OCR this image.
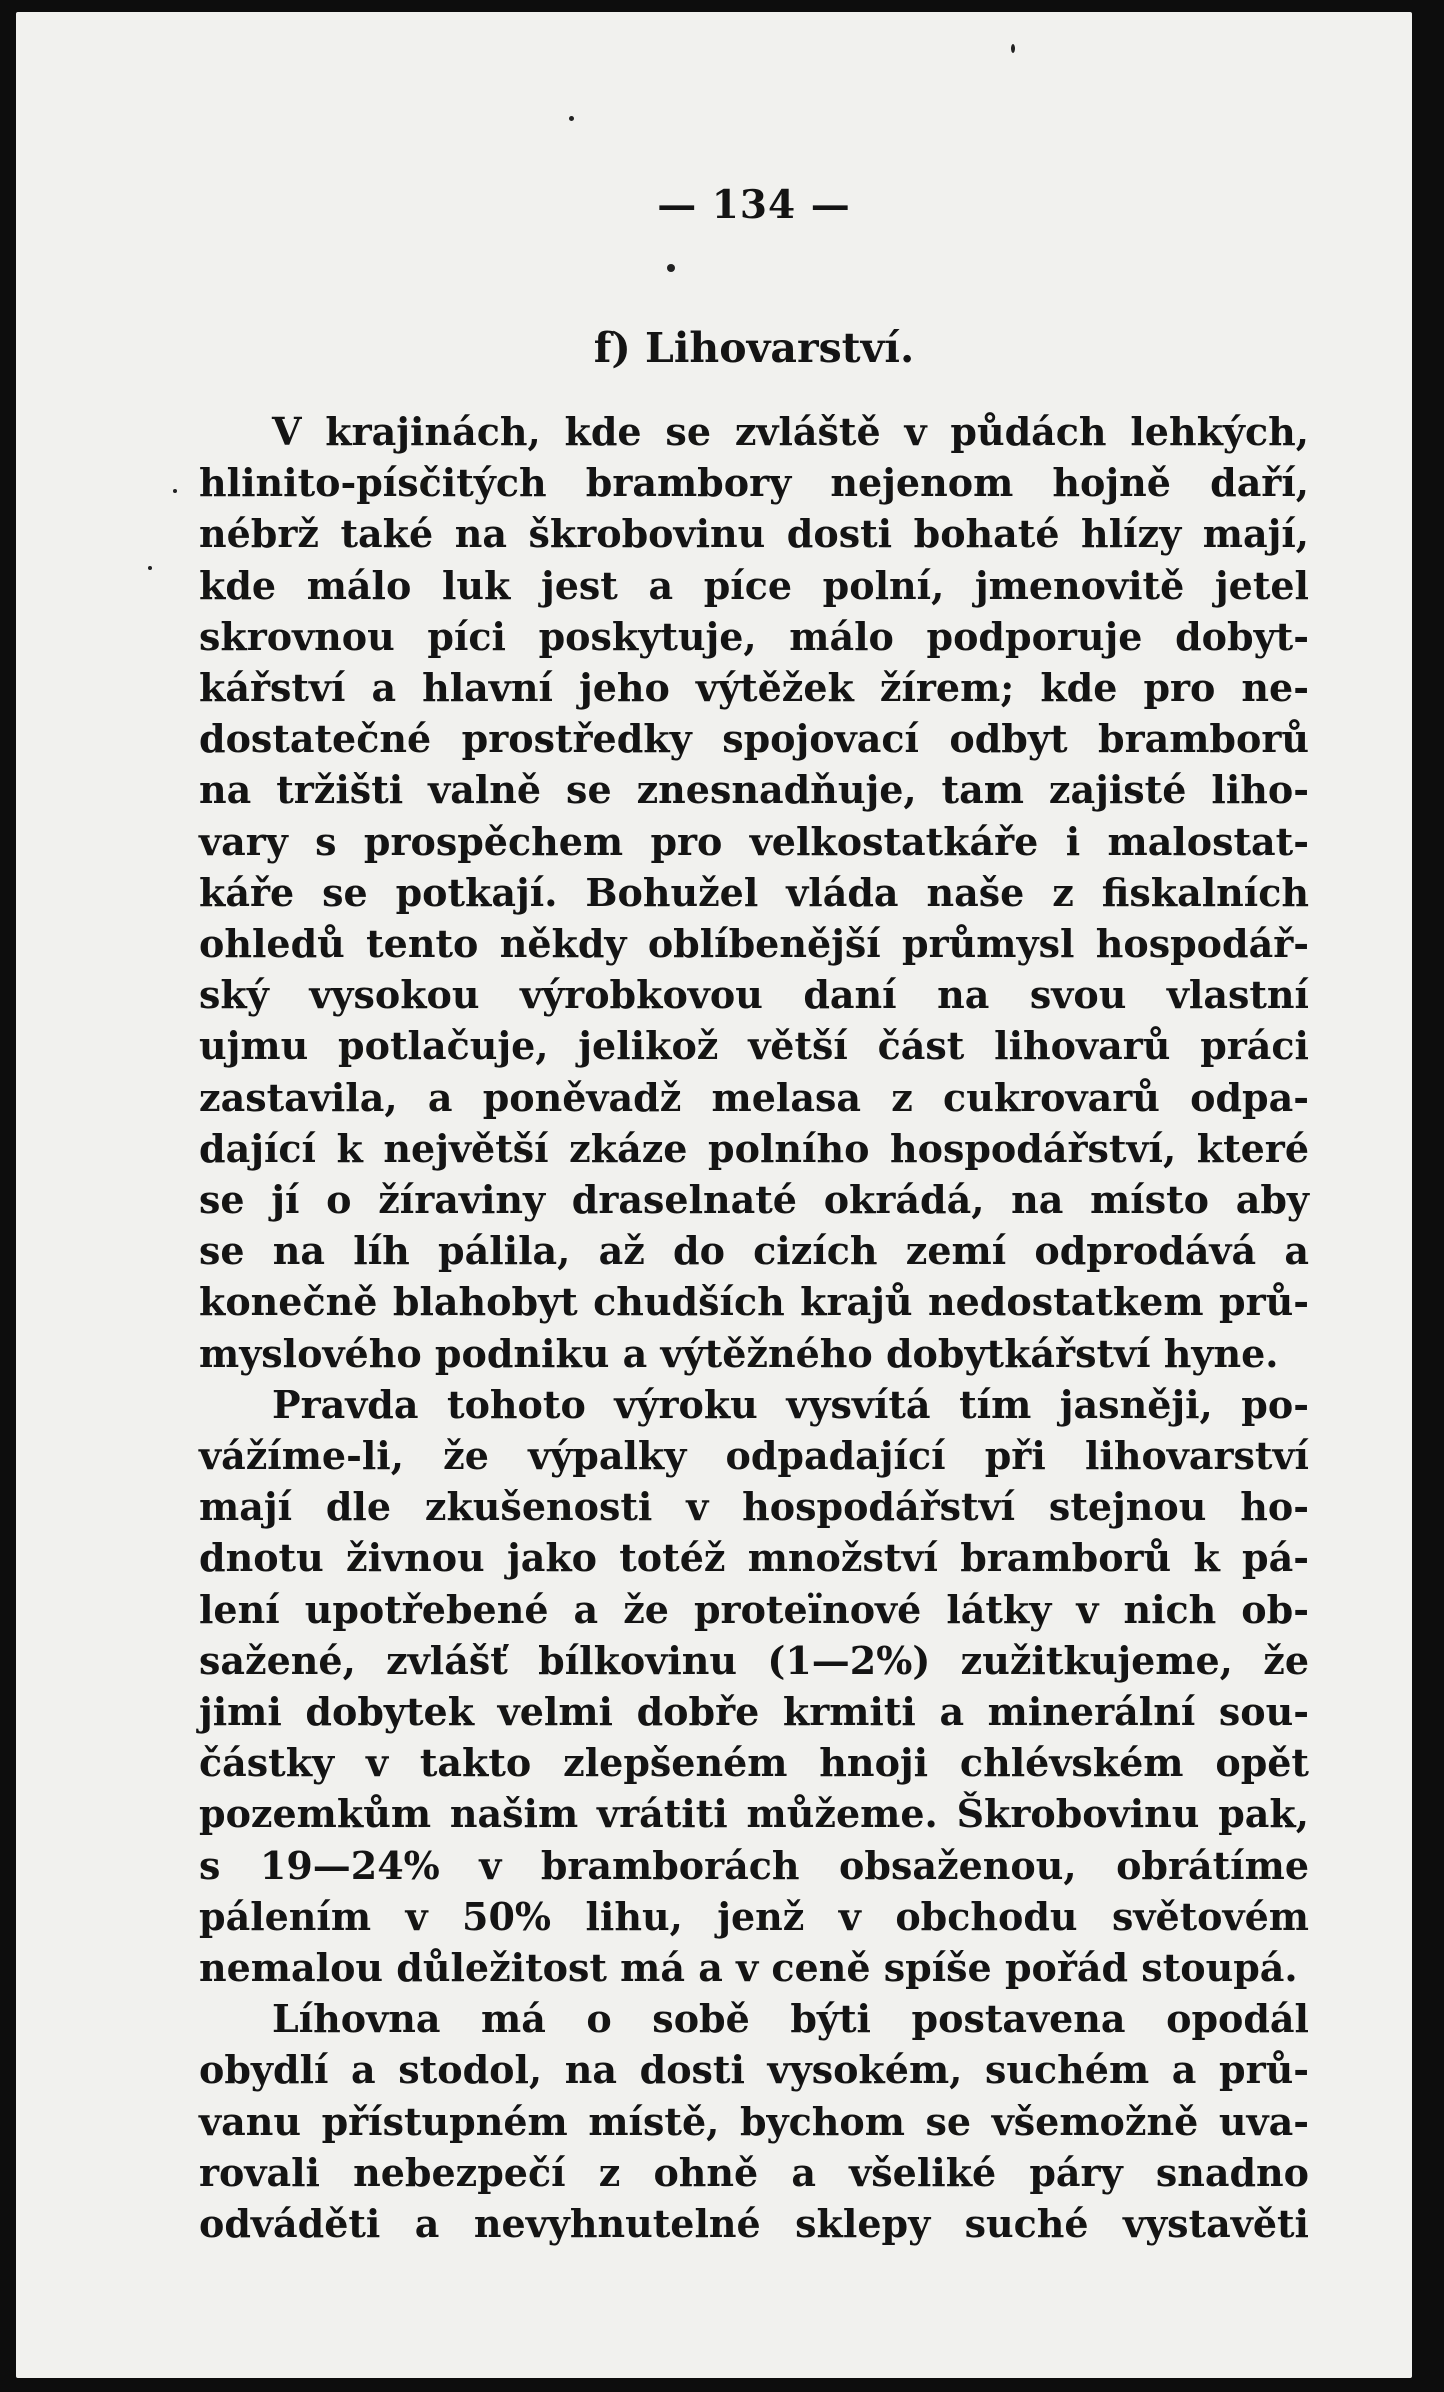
— 134 —
f) Lihovarství.
V krajinách, kde se zvláště v půdách lehkých,
hlinito-písčitých brambory nejenom hojně daří,
nébrž také na škrobovinu dosti bohaté hlízy mají,
kde málo luk jest a píce polní, jmenovitě jetel
skrovnou píci poskytuje, málo podporuje dobyt-
kářství a hlavní jeho výtěžek žírem; kde pro ne-
dostatečné prostředky spojovací odbyt bramborů
na tržišti valně se znesnadňuje, tam zajisté liho-
vary s prospěchem pro velkostatkáře i malostat-
káře se potkají. Bohužel vláda naše z fiskalních
ohledů tento někdy oblíbenější průmysl hospodář-
ský vysokou výrobkovou daní na svou vlastní
ujmu potlačuje, jelikož větší část lihovarů práci
zastavila, a poněvadž melasa z cukrovarů odpa-
dající k největší zkáze polního hospodářství, které
se jí o žíraviny draselnaté okrádá, na místo aby
se na líh pálila, až do cizích zemí odprodává a
konečně blahobyt chudších krajů nedostatkem prů-
myslového podniku a výtěžného dobytkářství hyne.
Pravda tohoto výroku vysvítá tím jasněji, po-
vážíme-li, že výpalky odpadající při lihovarství
mají dle zkušenosti v hospodářství stejnou ho-
dnotu živnou jako totéž množství bramborů k pá-
lení upotřebené a že proteïnové látky v nich ob-
sažené, zvlášť bílkovinu (1—2%) zužitkujeme, že
jimi dobytek velmi dobře krmiti a minerální sou-
částky v takto zlepšeném hnoji chlévském opět
pozemkům našim vrátiti můžeme. Škrobovinu pak,
s 19—24% v bramborách obsaženou, obrátíme
pálením v 50% lihu, jenž v obchodu světovém
nemalou důležitost má a v ceně spíše pořád stoupá.
Líhovna má o sobě býti postavena opodál
obydlí a stodol, na dosti vysokém, suchém a prů-
vanu přístupném místě, bychom se všemožně uva-
rovali nebezpečí z ohně a všeliké páry snadno
odváděti a nevyhnutelné sklepy suché vystavěti
